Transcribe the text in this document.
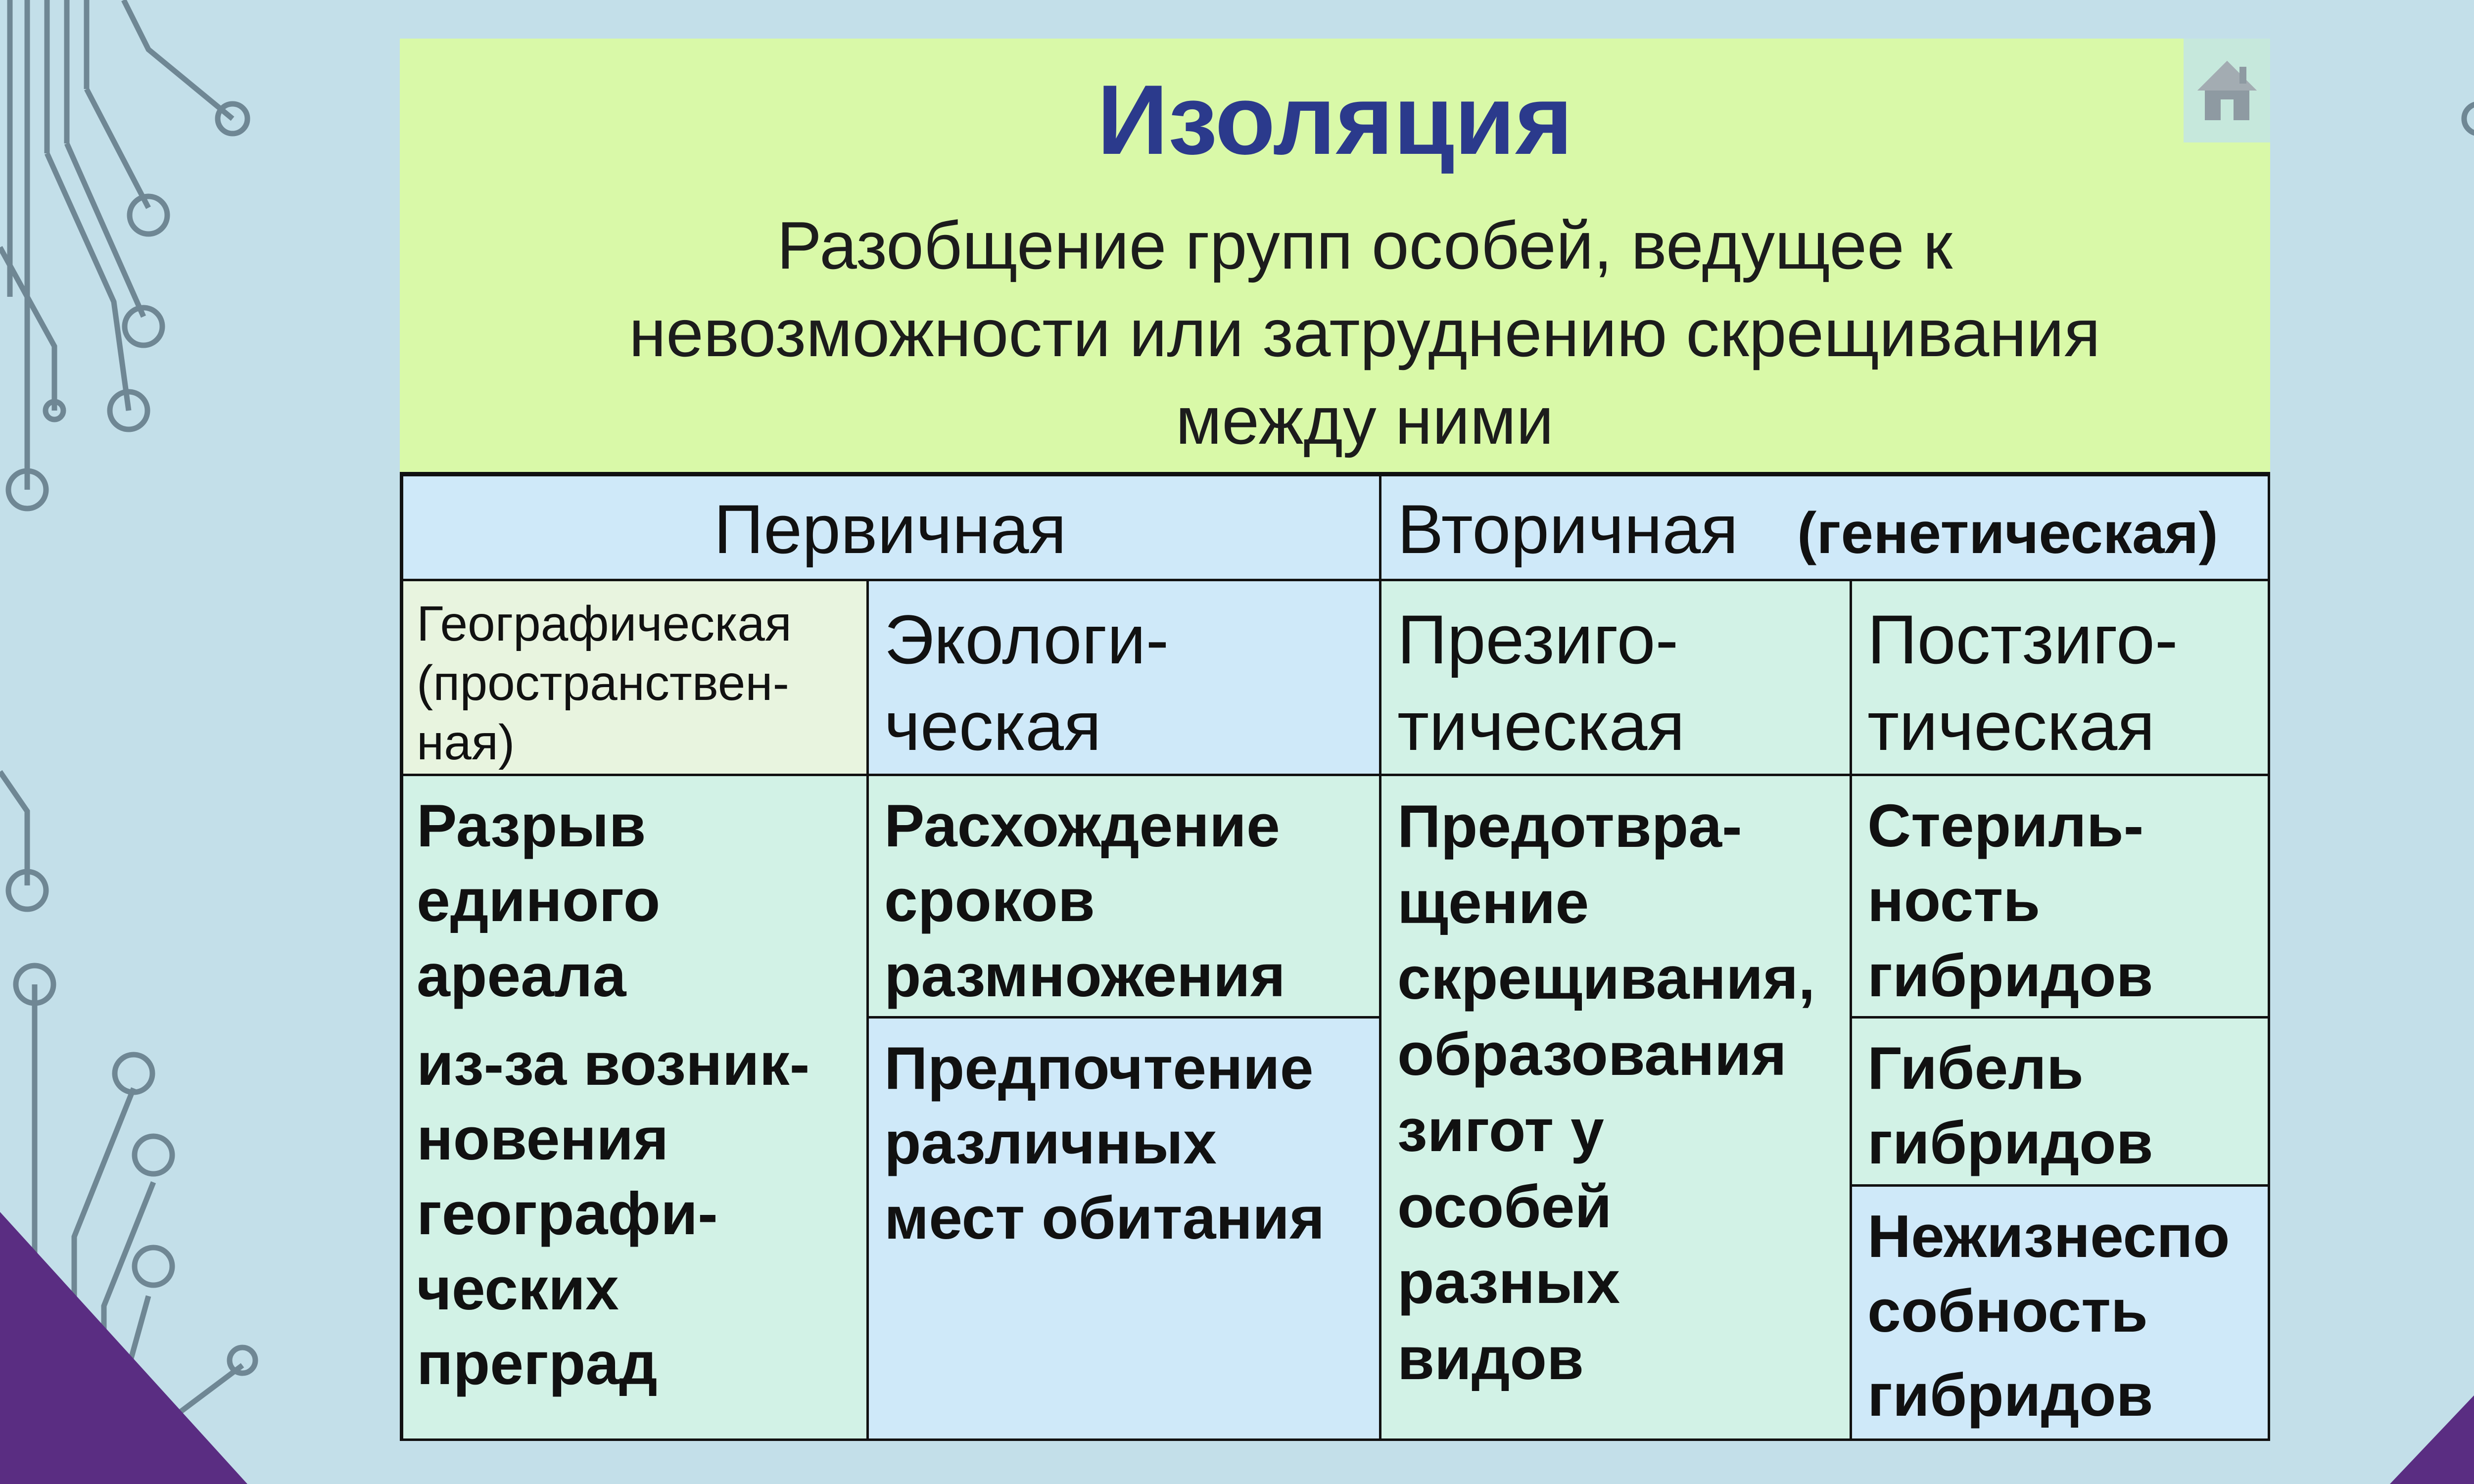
Изоляция
Разобщение групп особей, ведущее к
невозможности или затруднению скрещивания
между ними
Первичная	Вторичная (генетическая)
Географическая
(пространствен-
ная)
Экологи-
ческая
Презиго-
тическая
Постзиго-
тическая
Разрыв
единого
ареала
из-за возник-
новения
географи-
ческих
преград
Расхождение
сроков
размножения
Предпочтение
различных
мест обитания
Предотвра-
щение
скрещивания,
образования
зигот у
особей
разных
видов
Стериль-
ность
гибридов
Гибель
гибридов
Нежизнеспо
собность
гибридов
